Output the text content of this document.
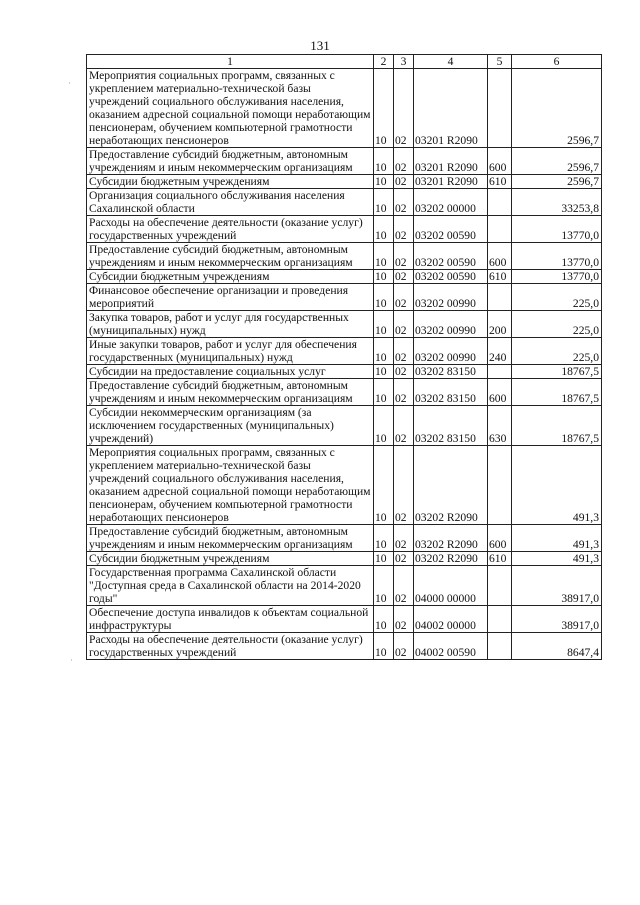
131
·
·
1	2	3	4	5	6
Мероприятия социальных программ, связанных с укреплением материально-технической базы учреждений социального обслуживания населения, оказанием адресной социальной помощи неработающим пенсионерам, обучением компьютерной грамотности неработающих пенсионеров	10	02	03201 R2090		2596,7
Предоставление субсидий бюджетным, автономным учреждениям и иным некоммерческим организациям	10	02	03201 R2090	600	2596,7
Субсидии бюджетным учреждениям	10	02	03201 R2090	610	2596,7
Организация социального обслуживания населения Сахалинской области	10	02	03202 00000		33253,8
Расходы на обеспечение деятельности (оказание услуг) государственных учреждений	10	02	03202 00590		13770,0
Предоставление субсидий бюджетным, автономным учреждениям и иным некоммерческим организациям	10	02	03202 00590	600	13770,0
Субсидии бюджетным учреждениям	10	02	03202 00590	610	13770,0
Финансовое обеспечение организации и проведения мероприятий	10	02	03202 00990		225,0
Закупка товаров, работ и услуг для государственных (муниципальных) нужд	10	02	03202 00990	200	225,0
Иные закупки товаров, работ и услуг для обеспечения государственных (муниципальных) нужд	10	02	03202 00990	240	225,0
Субсидии на предоставление социальных услуг	10	02	03202 83150		18767,5
Предоставление субсидий бюджетным, автономным учреждениям и иным некоммерческим организациям	10	02	03202 83150	600	18767,5
Субсидии некоммерческим организациям (за исключением государственных (муниципальных) учреждений)	10	02	03202 83150	630	18767,5
Мероприятия социальных программ, связанных с укреплением материально-технической базы учреждений социального обслуживания населения, оказанием адресной социальной помощи неработающим пенсионерам, обучением компьютерной грамотности неработающих пенсионеров	10	02	03202 R2090		491,3
Предоставление субсидий бюджетным, автономным учреждениям и иным некоммерческим организациям	10	02	03202 R2090	600	491,3
Субсидии бюджетным учреждениям	10	02	03202 R2090	610	491,3
Государственная программа Сахалинской области "Доступная среда в Сахалинской области на 2014-2020 годы"	10	02	04000 00000		38917,0
Обеспечение доступа инвалидов к объектам социальной инфраструктуры	10	02	04002 00000		38917,0
Расходы на обеспечение деятельности (оказание услуг) государственных учреждений	10	02	04002 00590		8647,4
